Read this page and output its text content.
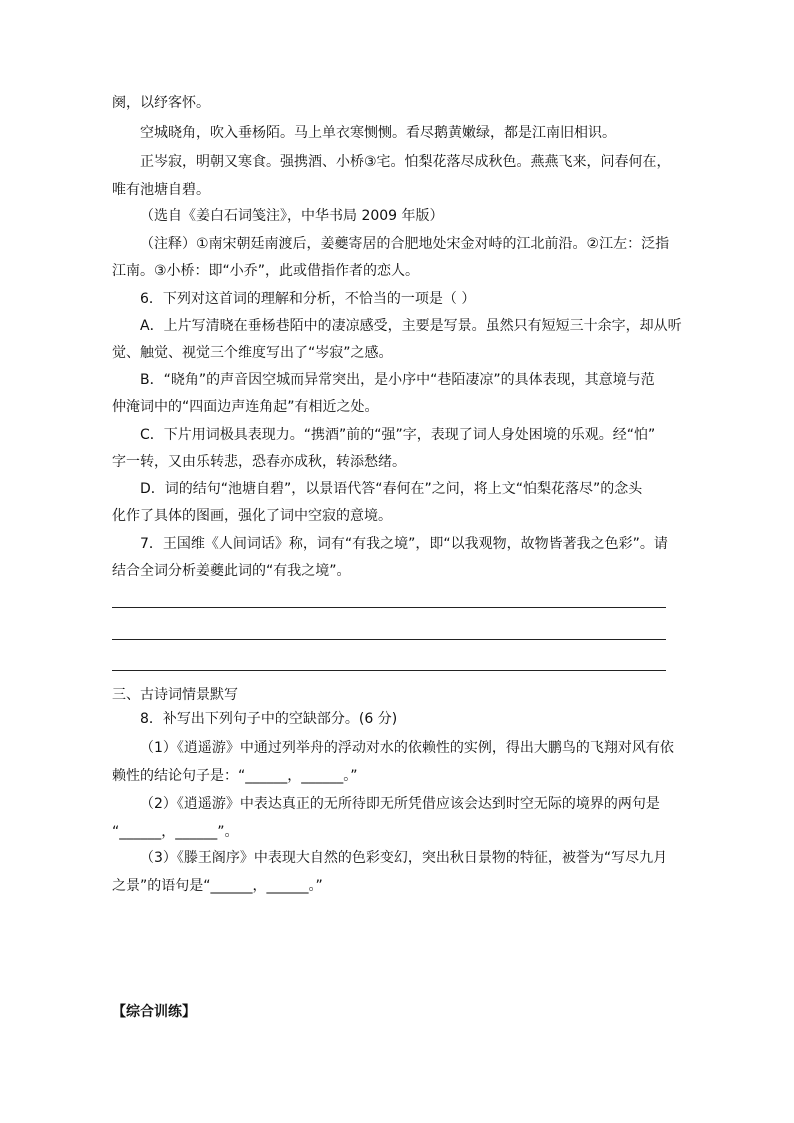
阕，以纾客怀。
空城晓角，吹入垂杨陌。马上单衣寒恻恻。看尽鹅黄嫩绿，都是江南旧相识。
正岑寂，明朝又寒食。强携酒、小桥③宅。怕梨花落尽成秋色。燕燕飞来，问春何在，
唯有池塘自碧。
（选自《姜白石词笺注》，中华书局 2009 年版）
（注释）①南宋朝廷南渡后，姜夔寄居的合肥地处宋金对峙的江北前沿。②江左：泛指
江南。③小桥：即“小乔”，此或借指作者的恋人。
6．下列对这首词的理解和分析，不恰当的一项是（ ）
A．上片写清晓在垂杨巷陌中的凄凉感受，主要是写景。虽然只有短短三十余字，却从听
觉、触觉、视觉三个维度写出了“岑寂”之感。
B．“晓角”的声音因空城而异常突出，是小序中“巷陌凄凉”的具体表现，其意境与范
仲淹词中的“四面边声连角起”有相近之处。
C．下片用词极具表现力。“携酒”前的“强”字，表现了词人身处困境的乐观。经“怕”
字一转，又由乐转悲，恐春亦成秋，转添愁绪。
D．词的结句“池塘自碧”，以景语代答“春何在”之问，将上文“怕梨花落尽”的念头
化作了具体的图画，强化了词中空寂的意境。
7．王国维《人间词话》称，词有“有我之境”，即“以我观物，故物皆著我之色彩”。请
结合全词分析姜夔此词的“有我之境”。
三、古诗词情景默写
8．补写出下列句子中的空缺部分。(6 分)
（1）《逍遥游》中通过列举舟的浮动对水的依赖性的实例，得出大鹏鸟的飞翔对风有依
赖性的结论句子是：“______，______。”
（2）《逍遥游》中表达真正的无所待即无所凭借应该会达到时空无际的境界的两句是
“______，______”。
（3）《滕王阁序》中表现大自然的色彩变幻，突出秋日景物的特征，被誉为“写尽九月
之景”的语句是“______，______。”
【综合训练】
